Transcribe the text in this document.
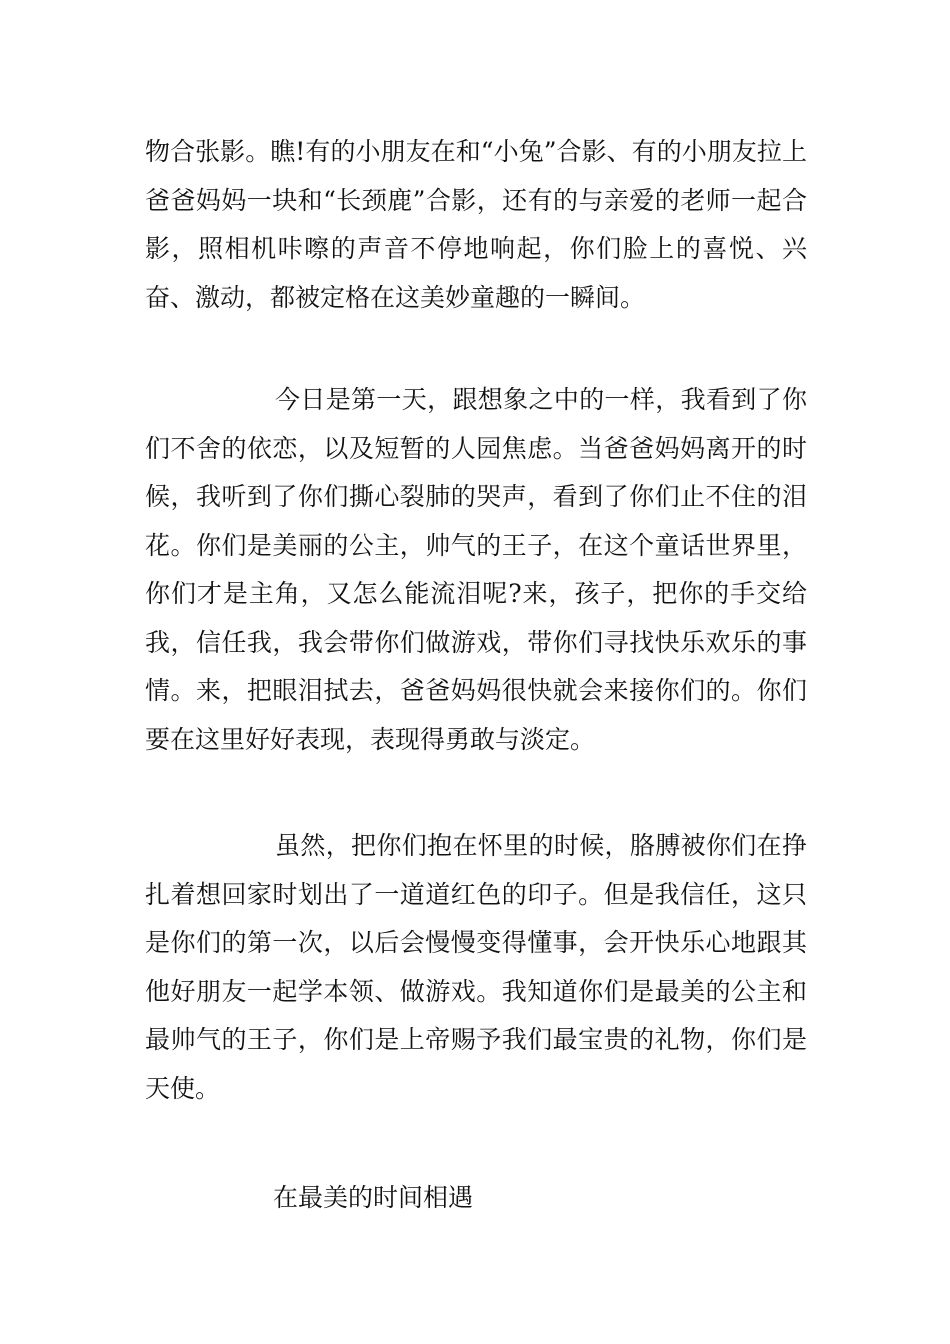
物合张影。瞧!有的小朋友在和“小兔”合影、有的小朋友拉上爸爸妈妈一块和“长颈鹿”合影，还有的与亲爱的老师一起合影，照相机咔嚓的声音不停地响起，你们脸上的喜悦、兴奋、激动，都被定格在这美妙童趣的一瞬间。

今日是第一天，跟想象之中的一样，我看到了你们不舍的依恋，以及短暂的人园焦虑。当爸爸妈妈离开的时候，我听到了你们撕心裂肺的哭声，看到了你们止不住的泪花。你们是美丽的公主，帅气的王子，在这个童话世界里，你们才是主角，又怎么能流泪呢?来，孩子，把你的手交给我，信任我，我会带你们做游戏，带你们寻找快乐欢乐的事情。来，把眼泪拭去，爸爸妈妈很快就会来接你们的。你们要在这里好好表现，表现得勇敢与淡定。

虽然，把你们抱在怀里的时候，胳膊被你们在挣扎着想回家时划出了一道道红色的印子。但是我信任，这只是你们的第一次，以后会慢慢变得懂事，会开快乐心地跟其他好朋友一起学本领、做游戏。我知道你们是最美的公主和最帅气的王子，你们是上帝赐予我们最宝贵的礼物，你们是天使。

在最美的时间相遇
